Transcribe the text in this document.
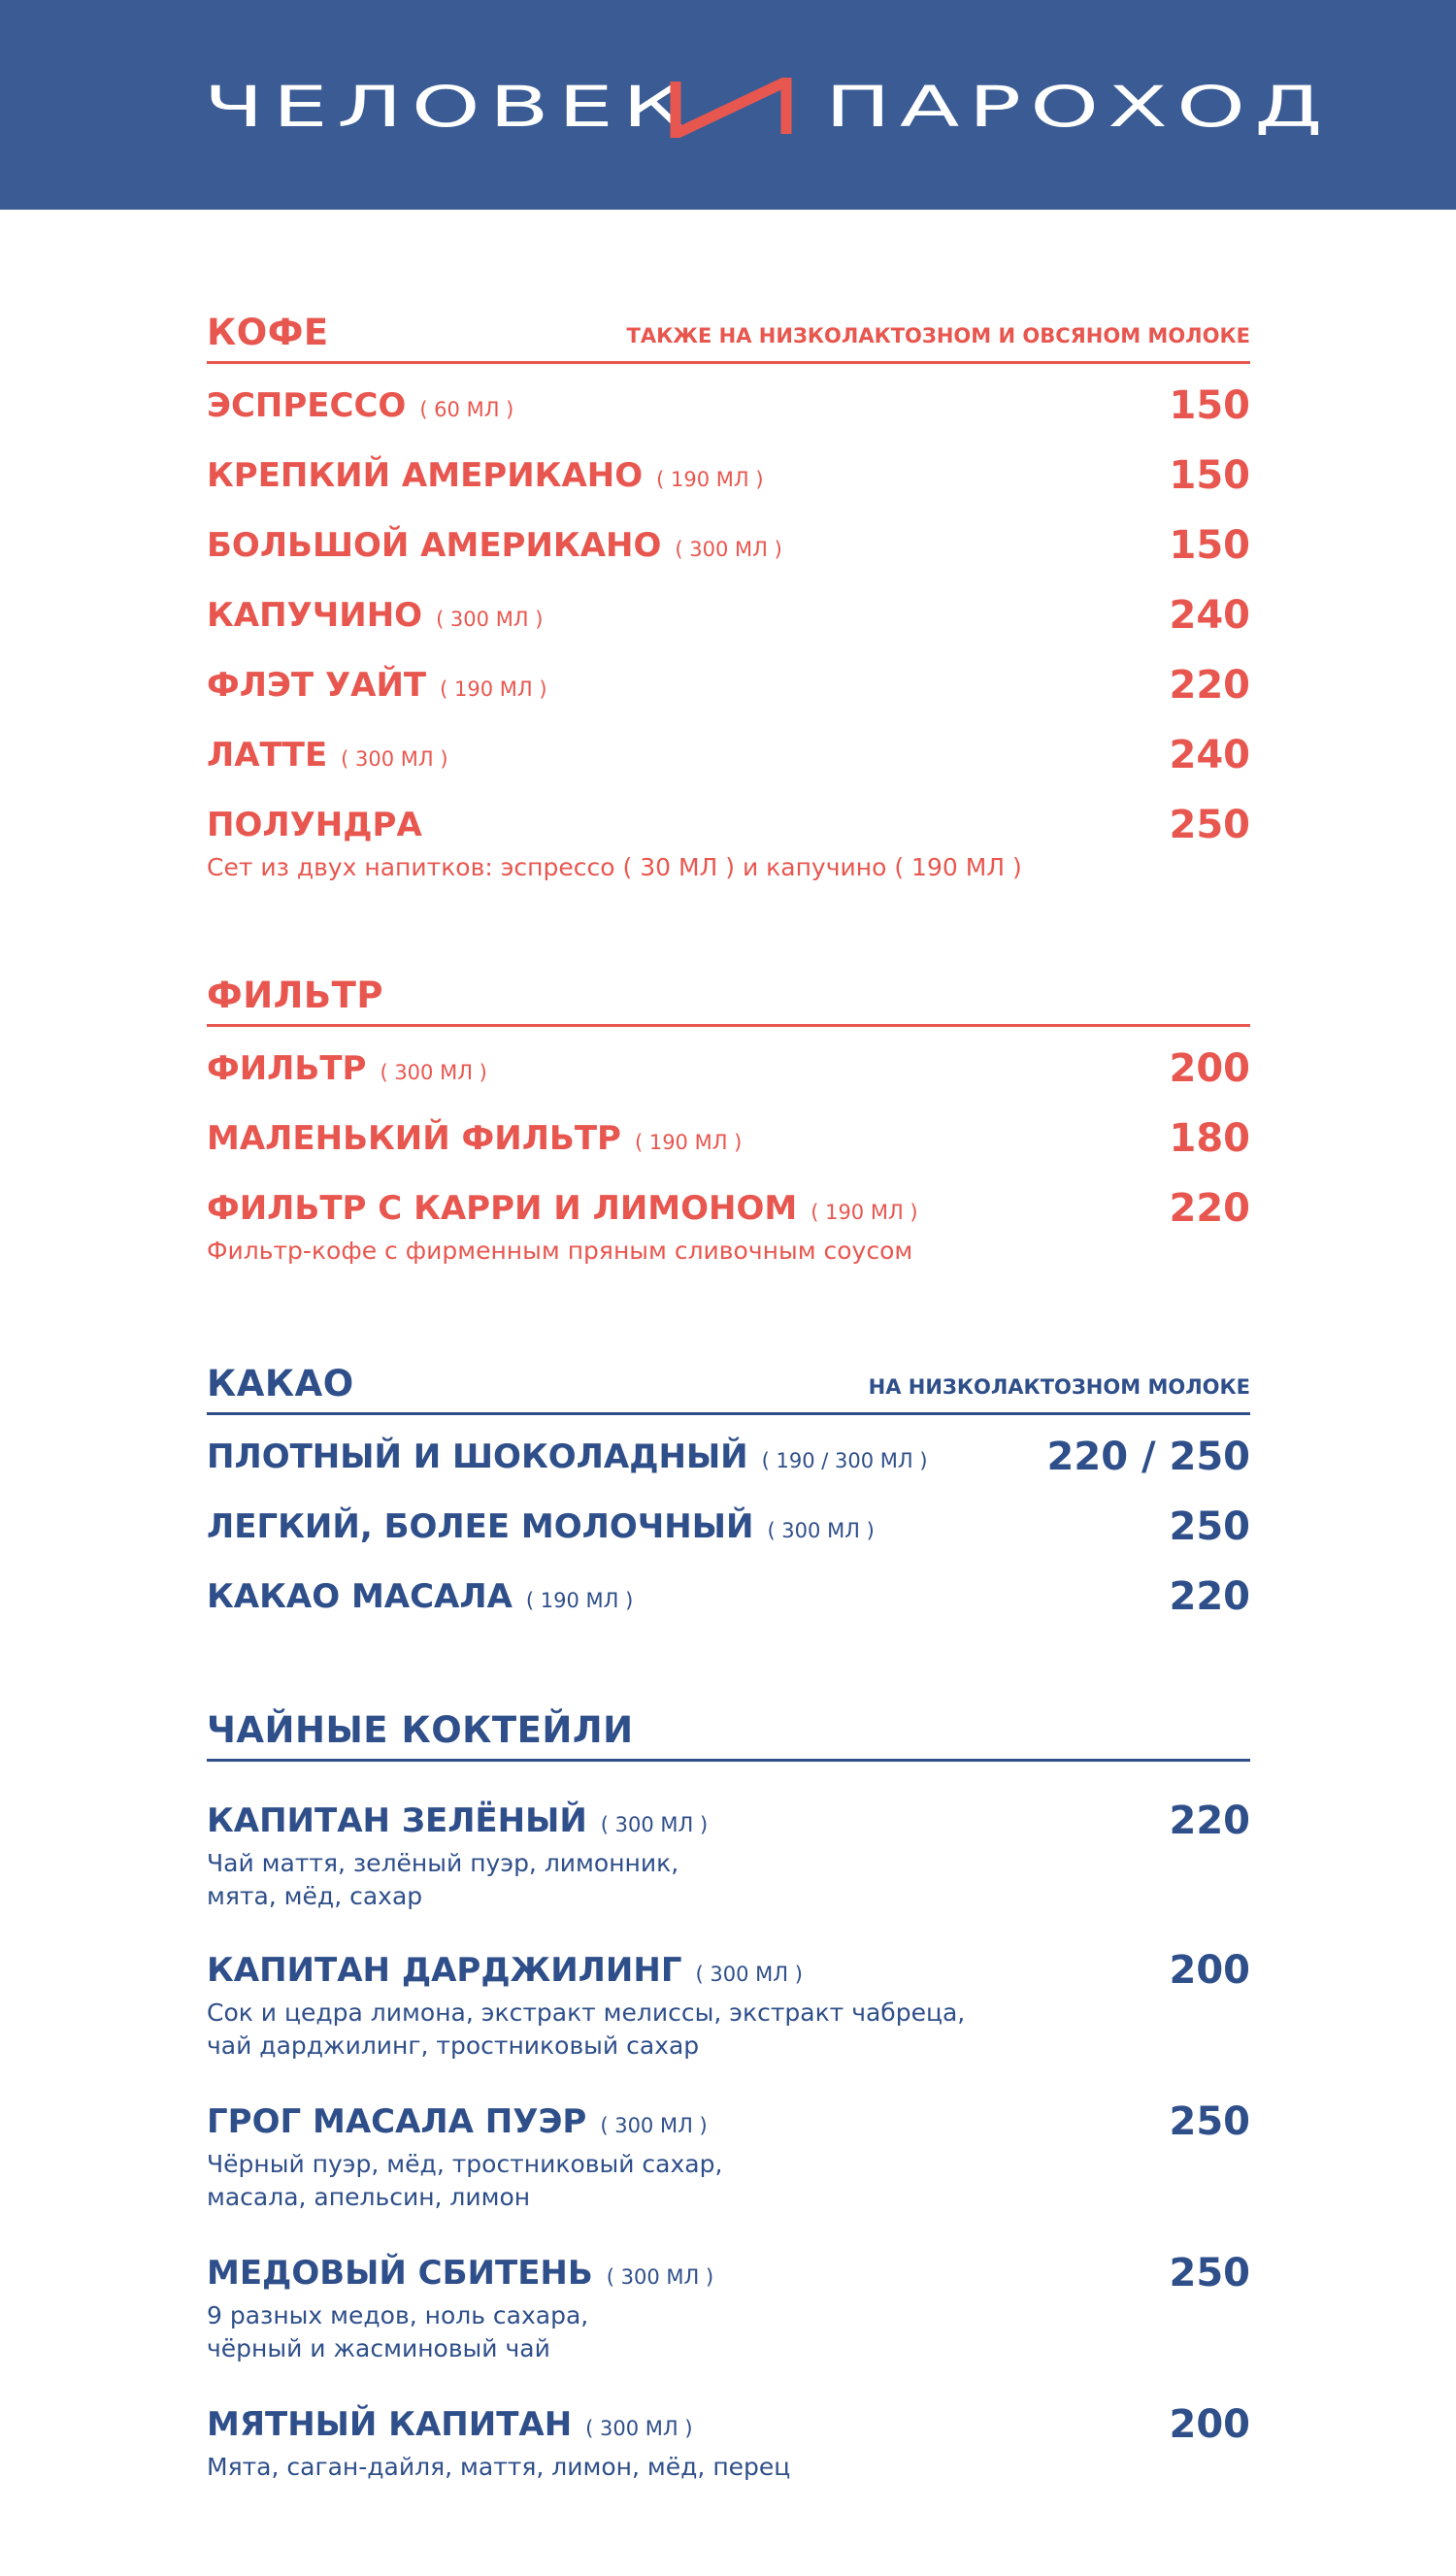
ЧЕЛОВЕК ПАРОХОД
КОФЕ	ТАКЖЕ НА НИЗКОЛАКТОЗНОМ И ОВСЯНОМ МОЛОКЕ
ЭСПРЕССО ( 60 МЛ )	150
КРЕПКИЙ АМЕРИКАНО ( 190 МЛ )	150
БОЛЬШОЙ АМЕРИКАНО ( 300 МЛ )	150
КАПУЧИНО ( 300 МЛ )	240
ФЛЭТ УАЙТ ( 190 МЛ )	220
ЛАТТЕ ( 300 МЛ )	240
ПОЛУНДРА	250
Сет из двух напитков: эспрессо ( 30 МЛ ) и капучино ( 190 МЛ )
ФИЛЬТР
ФИЛЬТР ( 300 МЛ )	200
МАЛЕНЬКИЙ ФИЛЬТР ( 190 МЛ )	180
ФИЛЬТР С КАРРИ И ЛИМОНОМ ( 190 МЛ )	220
Фильтр-кофе с фирменным пряным сливочным соусом
КАКАО	НА НИЗКОЛАКТОЗНОМ МОЛОКЕ
ПЛОТНЫЙ И ШОКОЛАДНЫЙ ( 190 / 300 МЛ )	220 / 250
ЛЕГКИЙ, БОЛЕЕ МОЛОЧНЫЙ ( 300 МЛ )	250
КАКАО МАСАЛА ( 190 МЛ )	220
ЧАЙНЫЕ КОКТЕЙЛИ
КАПИТАН ЗЕЛЁНЫЙ ( 300 МЛ )	220
Чай маття, зелёный пуэр, лимонник,
мята, мёд, сахар
КАПИТАН ДАРДЖИЛИНГ ( 300 МЛ )	200
Сок и цедра лимона, экстракт мелиссы, экстракт чабреца,
чай дарджилинг, тростниковый сахар
ГРОГ МАСАЛА ПУЭР ( 300 МЛ )	250
Чёрный пуэр, мёд, тростниковый сахар,
масала, апельсин, лимон
МЕДОВЫЙ СБИТЕНЬ ( 300 МЛ )	250
9 разных медов, ноль сахара,
чёрный и жасминовый чай
МЯТНЫЙ КАПИТАН ( 300 МЛ )	200
Мята, саган-дайля, маття, лимон, мёд, перец
